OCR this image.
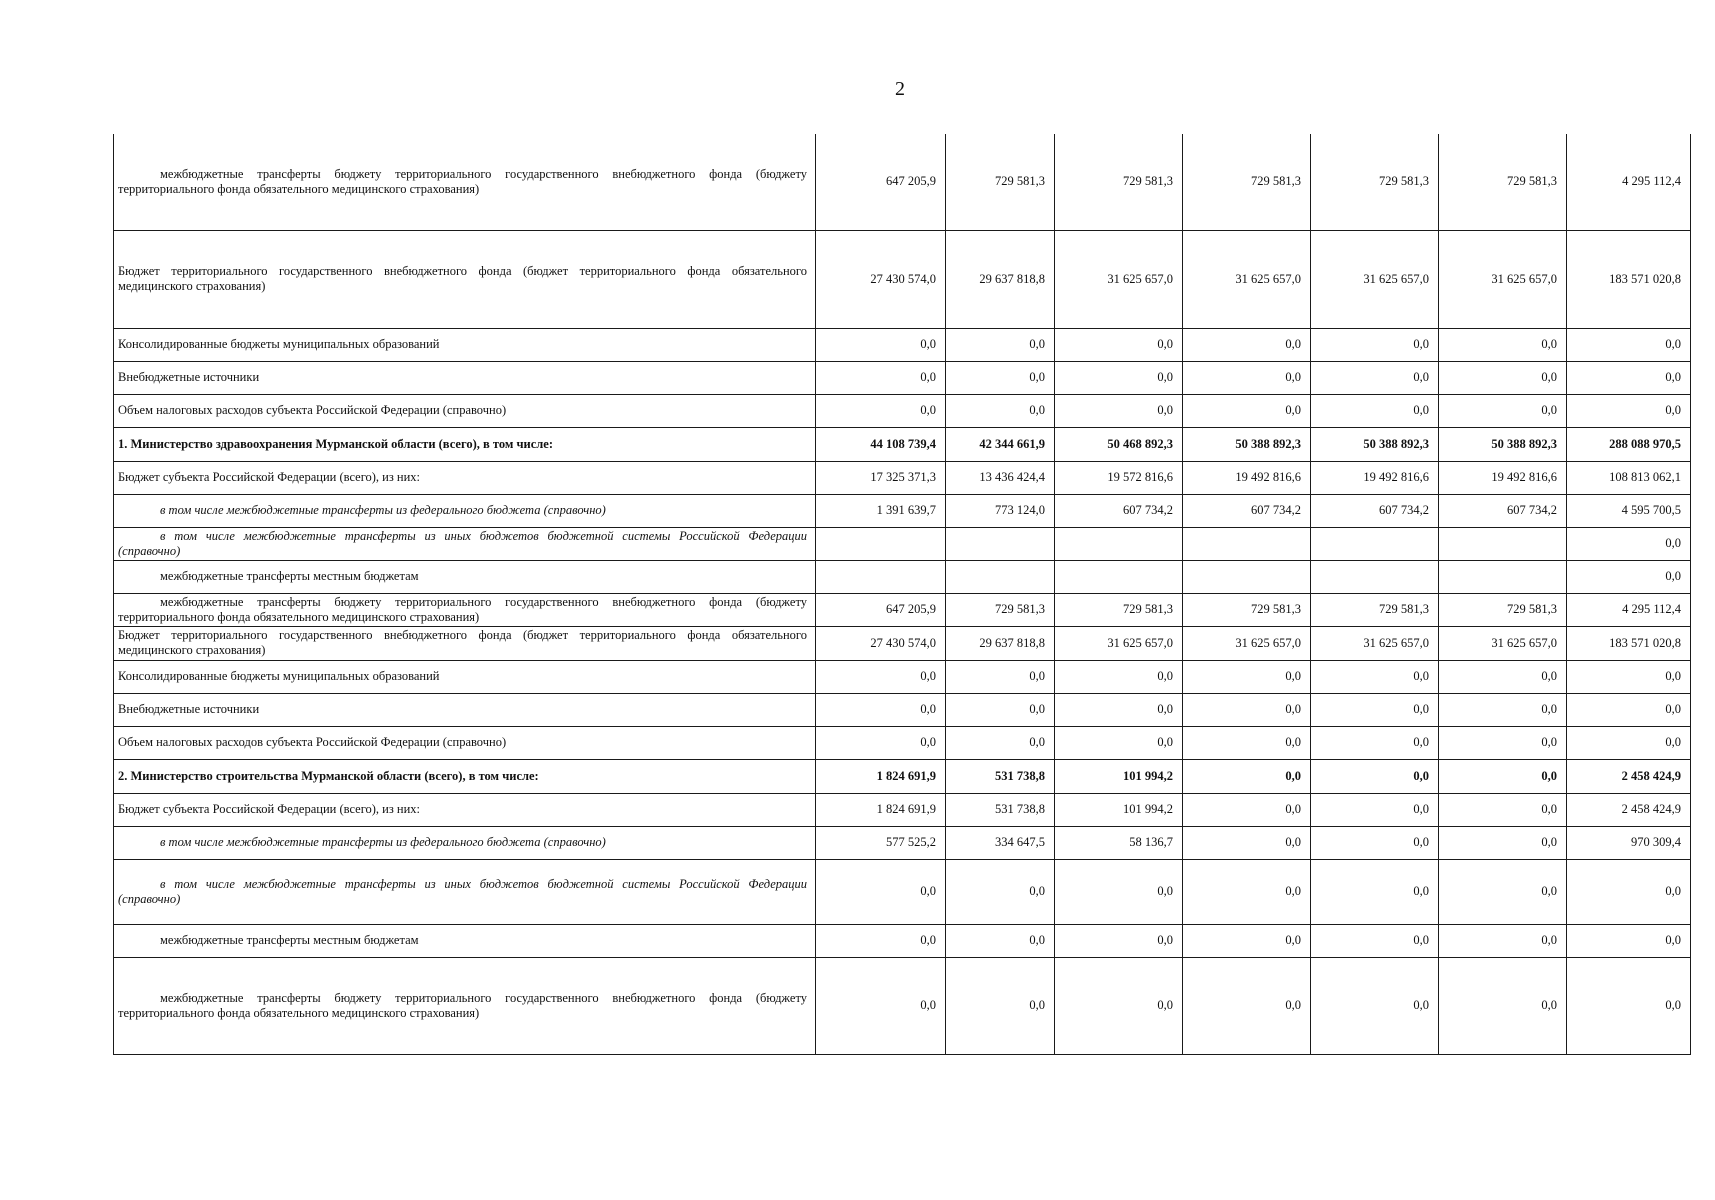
2
межбюджетные трансферты бюджету территориального государственного внебюджетного фонда (бюджету территориального фонда обязательного медицинского страхования)	647 205,9	729 581,3	729 581,3	729 581,3	729 581,3	729 581,3	4 295 112,4
Бюджет территориального государственного внебюджетного фонда (бюджет территориального фонда обязательного медицинского страхования)	27 430 574,0	29 637 818,8	31 625 657,0	31 625 657,0	31 625 657,0	31 625 657,0	183 571 020,8
Консолидированные бюджеты муниципальных образований	0,0	0,0	0,0	0,0	0,0	0,0	0,0
Внебюджетные источники	0,0	0,0	0,0	0,0	0,0	0,0	0,0
Объем налоговых расходов субъекта Российской Федерации (справочно)	0,0	0,0	0,0	0,0	0,0	0,0	0,0
1. Министерство здравоохранения Мурманской области (всего), в том числе:	44 108 739,4	42 344 661,9	50 468 892,3	50 388 892,3	50 388 892,3	50 388 892,3	288 088 970,5
Бюджет субъекта Российской Федерации (всего), из них:	17 325 371,3	13 436 424,4	19 572 816,6	19 492 816,6	19 492 816,6	19 492 816,6	108 813 062,1
в том числе межбюджетные трансферты из федерального бюджета (справочно)	1 391 639,7	773 124,0	607 734,2	607 734,2	607 734,2	607 734,2	4 595 700,5
в том числе межбюджетные трансферты из иных бюджетов бюджетной системы Российской Федерации (справочно)							0,0
межбюджетные трансферты местным бюджетам							0,0
межбюджетные трансферты бюджету территориального государственного внебюджетного фонда (бюджету территориального фонда обязательного медицинского страхования)	647 205,9	729 581,3	729 581,3	729 581,3	729 581,3	729 581,3	4 295 112,4
Бюджет территориального государственного внебюджетного фонда (бюджет территориального фонда обязательного медицинского страхования)	27 430 574,0	29 637 818,8	31 625 657,0	31 625 657,0	31 625 657,0	31 625 657,0	183 571 020,8
Консолидированные бюджеты муниципальных образований	0,0	0,0	0,0	0,0	0,0	0,0	0,0
Внебюджетные источники	0,0	0,0	0,0	0,0	0,0	0,0	0,0
Объем налоговых расходов субъекта Российской Федерации (справочно)	0,0	0,0	0,0	0,0	0,0	0,0	0,0
2. Министерство строительства Мурманской области (всего), в том числе:	1 824 691,9	531 738,8	101 994,2	0,0	0,0	0,0	2 458 424,9
Бюджет субъекта Российской Федерации (всего), из них:	1 824 691,9	531 738,8	101 994,2	0,0	0,0	0,0	2 458 424,9
в том числе межбюджетные трансферты из федерального бюджета (справочно)	577 525,2	334 647,5	58 136,7	0,0	0,0	0,0	970 309,4
в том числе межбюджетные трансферты из иных бюджетов бюджетной системы Российской Федерации (справочно)	0,0	0,0	0,0	0,0	0,0	0,0	0,0
межбюджетные трансферты местным бюджетам	0,0	0,0	0,0	0,0	0,0	0,0	0,0
межбюджетные трансферты бюджету территориального государственного внебюджетного фонда (бюджету территориального фонда обязательного медицинского страхования)	0,0	0,0	0,0	0,0	0,0	0,0	0,0
